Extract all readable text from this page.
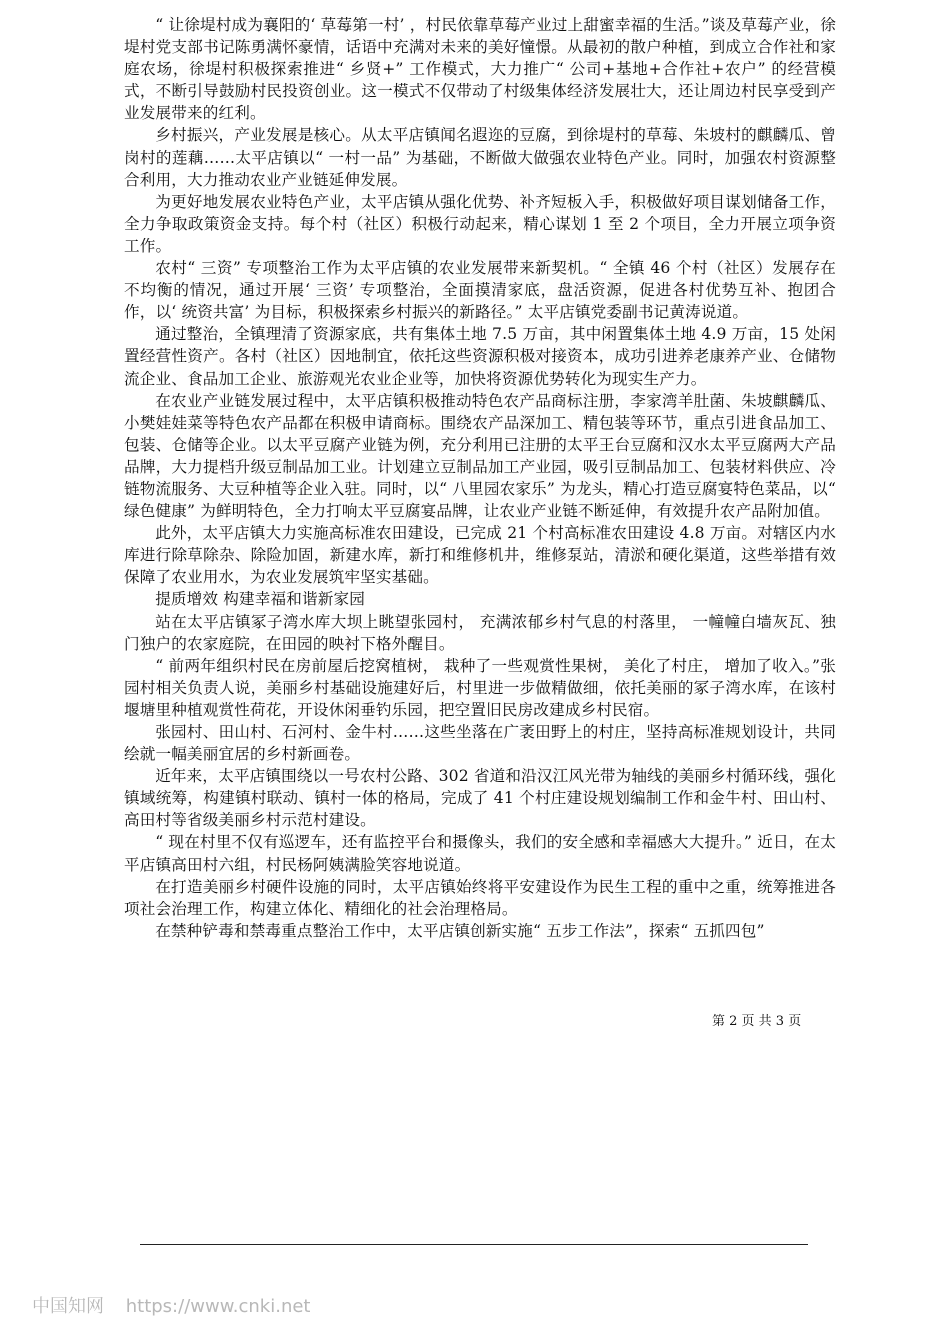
“ 让徐堤村成为襄阳的‘ 草莓第一村’ ，村民依靠草莓产业过上甜蜜幸福的生活。”谈及草莓产业，徐堤村党支部书记陈勇满怀豪情，话语中充满对未来的美好憧憬。从最初的散户种植，到成立合作社和家庭农场，徐堤村积极探索推进“ 乡贤+” 工作模式，大力推广“ 公司+基地+合作社+农户” 的经营模式，不断引导鼓励村民投资创业。这一模式不仅带动了村级集体经济发展壮大，还让周边村民享受到产业发展带来的红利。

乡村振兴，产业发展是核心。从太平店镇闻名遐迩的豆腐，到徐堤村的草莓、朱坡村的麒麟瓜、曾岗村的莲藕……太平店镇以“ 一村一品” 为基础，不断做大做强农业特色产业。同时，加强农村资源整合利用，大力推动农业产业链延伸发展。

为更好地发展农业特色产业，太平店镇从强化优势、补齐短板入手，积极做好项目谋划储备工作，全力争取政策资金支持。每个村（社区）积极行动起来，精心谋划 1 至 2 个项目，全力开展立项争资工作。

农村“ 三资” 专项整治工作为太平店镇的农业发展带来新契机。“ 全镇 46 个村（社区）发展存在不均衡的情况，通过开展‘ 三资’ 专项整治，全面摸清家底，盘活资源，促进各村优势互补、抱团合作，以‘ 统资共富’ 为目标，积极探索乡村振兴的新路径。” 太平店镇党委副书记黄涛说道。

通过整治，全镇理清了资源家底，共有集体土地 7.5 万亩，其中闲置集体土地 4.9 万亩，15 处闲置经营性资产。各村（社区）因地制宜，依托这些资源积极对接资本，成功引进养老康养产业、仓储物流企业、食品加工企业、旅游观光农业企业等，加快将资源优势转化为现实生产力。

在农业产业链发展过程中，太平店镇积极推动特色农产品商标注册，李家湾羊肚菌、朱坡麒麟瓜、小樊娃娃菜等特色农产品都在积极申请商标。围绕农产品深加工、精包装等环节，重点引进食品加工、包装、仓储等企业。以太平豆腐产业链为例，充分利用已注册的太平王台豆腐和汉水太平豆腐两大产品品牌，大力提档升级豆制品加工业。计划建立豆制品加工产业园，吸引豆制品加工、包装材料供应、冷链物流服务、大豆种植等企业入驻。同时，以“ 八里园农家乐” 为龙头，精心打造豆腐宴特色菜品，以“ 绿色健康” 为鲜明特色，全力打响太平豆腐宴品牌，让农业产业链不断延伸，有效提升农产品附加值。

此外，太平店镇大力实施高标准农田建设，已完成 21 个村高标准农田建设 4.8 万亩。对辖区内水库进行除草除杂、除险加固，新建水库，新打和维修机井，维修泵站，清淤和硬化渠道，这些举措有效保障了农业用水，为农业发展筑牢坚实基础。

提质增效 构建幸福和谐新家园

站在太平店镇冢子湾水库大坝上眺望张园村， 充满浓郁乡村气息的村落里， 一幢幢白墙灰瓦、独门独户的农家庭院，在田园的映衬下格外醒目。

“ 前两年组织村民在房前屋后挖窝植树， 栽种了一些观赏性果树， 美化了村庄， 增加了收入。”张园村相关负责人说，美丽乡村基础设施建好后，村里进一步做精做细，依托美丽的冢子湾水库，在该村堰塘里种植观赏性荷花，开设休闲垂钓乐园，把空置旧民房改建成乡村民宿。

张园村、田山村、石河村、金牛村……这些坐落在广袤田野上的村庄，坚持高标准规划设计，共同绘就一幅美丽宜居的乡村新画卷。

近年来，太平店镇围绕以一号农村公路、302 省道和沿汉江风光带为轴线的美丽乡村循环线，强化镇域统筹，构建镇村联动、镇村一体的格局，完成了 41 个村庄建设规划编制工作和金牛村、田山村、高田村等省级美丽乡村示范村建设。

“ 现在村里不仅有巡逻车，还有监控平台和摄像头，我们的安全感和幸福感大大提升。” 近日，在太平店镇高田村六组，村民杨阿姨满脸笑容地说道。

在打造美丽乡村硬件设施的同时，太平店镇始终将平安建设作为民生工程的重中之重，统筹推进各项社会治理工作，构建立体化、精细化的社会治理格局。

在禁种铲毒和禁毒重点整治工作中，太平店镇创新实施“ 五步工作法”，探索“ 五抓四包”

第 2 页 共 3 页
中国知网 https://www.cnki.net
